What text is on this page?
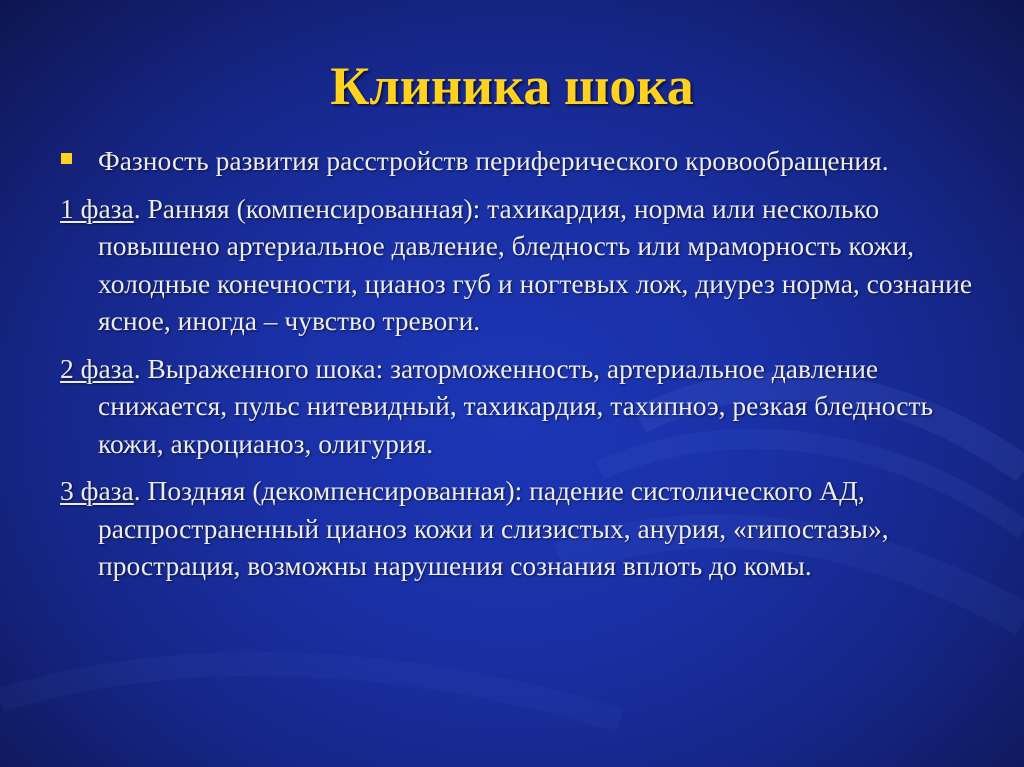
Клиника шока
Фазность развития расстройств периферического кровообращения.
1 фаза. Ранняя (компенсированная): тахикардия, норма или несколько повышено артериальное давление, бледность или мраморность кожи, холодные конечности, цианоз губ и ногтевых лож, диурез норма, сознание ясное, иногда – чувство тревоги.
2 фаза. Выраженного шока: заторможенность, артериальное давление снижается, пульс нитевидный, тахикардия, тахипноэ, резкая бледность кожи, акроцианоз, олигурия.
3 фаза. Поздняя (декомпенсированная): падение систолического АД, распространенный цианоз кожи и слизистых, анурия, «гипостазы», прострация, возможны нарушения сознания вплоть до комы.
